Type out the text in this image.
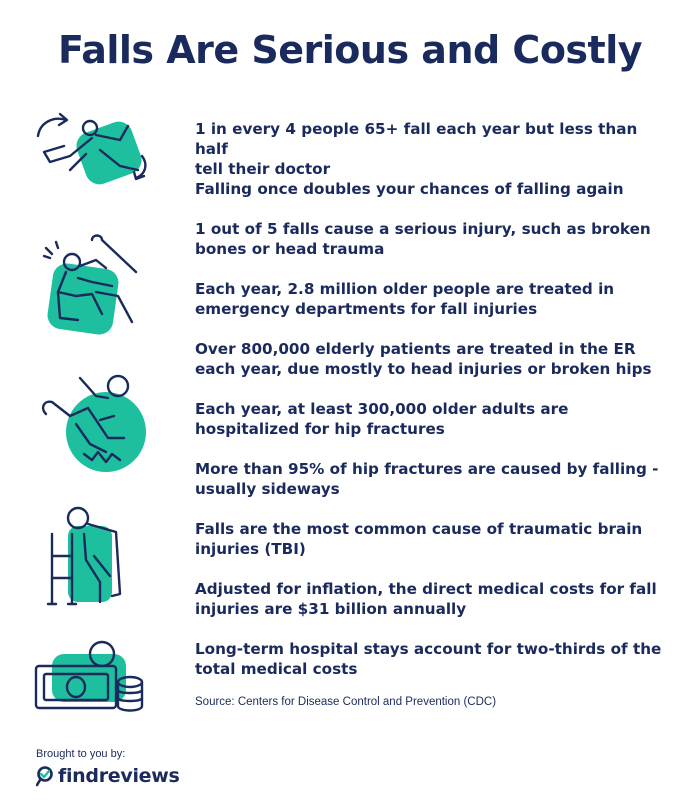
Falls Are Serious and Costly
1 in every 4 people 65+ fall each year but less than half
tell their doctor
Falling once doubles your chances of falling again
1 out of 5 falls cause a serious injury, such as broken
bones or head trauma
Each year, 2.8 million older people are treated in
emergency departments for fall injuries
Over 800,000 elderly patients are treated in the ER
each year, due mostly to head injuries or broken hips
Each year, at least 300,000 older adults are
hospitalized for hip fractures
More than 95% of hip fractures are caused by falling -
usually sideways
Falls are the most common cause of traumatic brain
injuries (TBI)
Adjusted for inflation, the direct medical costs for fall
injuries are $31 billion annually
Long-term hospital stays account for two-thirds of the
total medical costs
Source: Centers for Disease Control and Prevention (CDC)
Brought to you by:
findreviews
